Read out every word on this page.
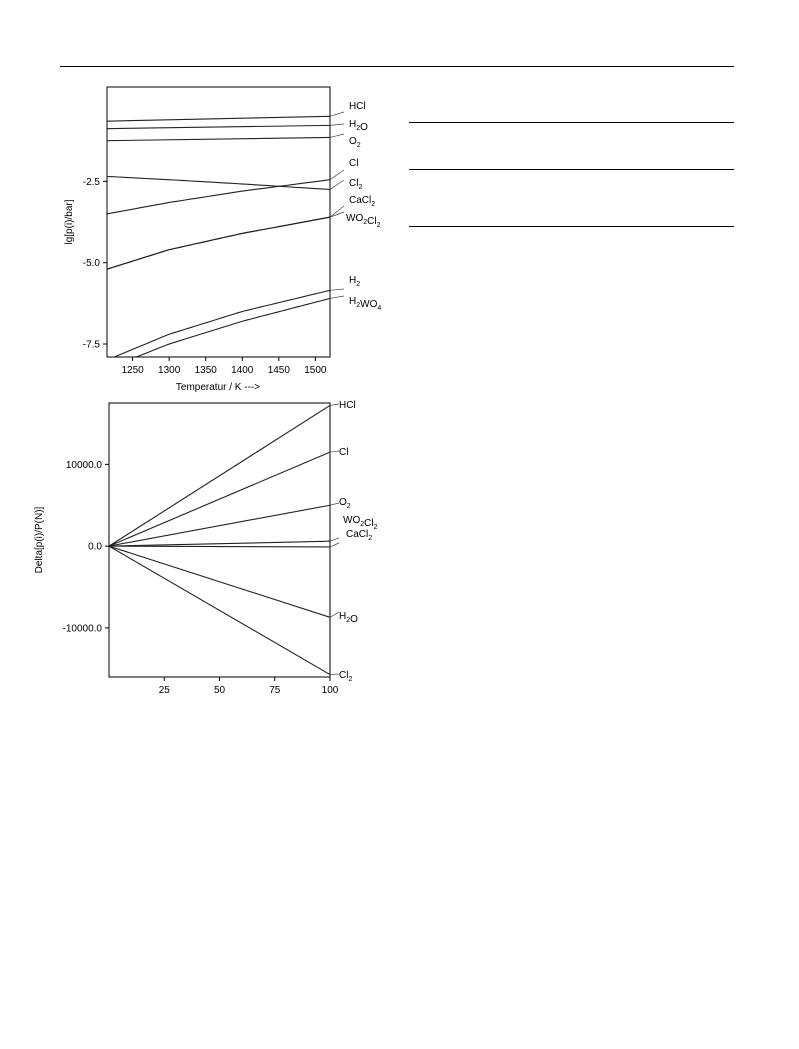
-2.5
-5.0
-7.5
1250 1300 1350 1400 1450 1500
Temperatur / K --->
lg[p(i)/bar]
HCl
$H_2O$
$O_2$
Cl
$Cl_2$
CaCl$_2$
$WO_2Cl_2$
$H_2$
$H_2WO_4$
10000.0
0.0
-10000.0
25	50	75	100
Delta[p(i)/P(N)]
HCl
Cl
$O_2$
$WO_2Cl_2$
CaCl$_2$
$H_2O$
$Cl_2$
